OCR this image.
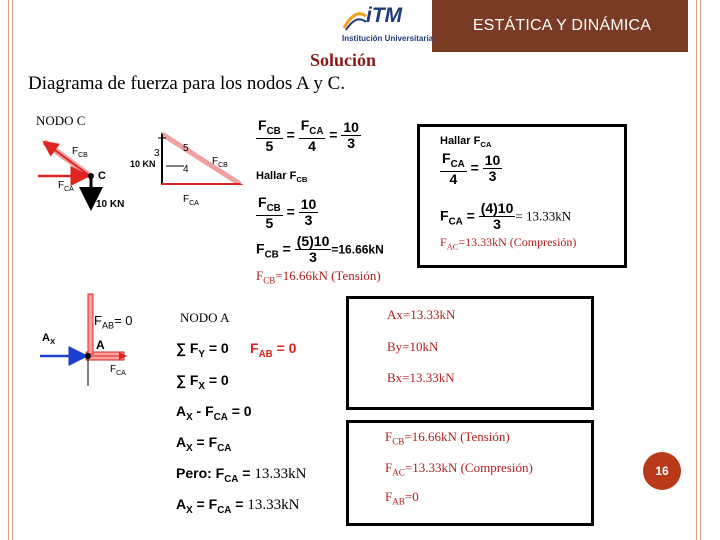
ESTÁTICA Y DINÁMICA
iTM
Institución Universitaria
Solución
Diagrama de fuerza para los nodos A y C.
NODO C
$F_{CB}$
$F_{CA}$
C
10 KN
10 KN
3 5
4
$F_{CB}$
$F_{CA}$
$\frac{F_{CB}}{5} = \frac{F_{CA}}{4} = \frac{10}{3}$
Hallar $F_{CB}$
$\frac{F_{CB}}{5} = \frac{10}{3}$
$F_{CB} = \frac{(5)10}{3} =16.66kN$
$F_{CB}=16.66kN$ (Tensión)
Hallar $F_{CA}$
$\frac{F_{CA}}{4} = \frac{10}{3}$
$F_{CA} = \frac{(4)10}{3} = 13.33kN$
$F_{AC}=13.33kN$ (Compresión)
$A_X$
$F_{AB}= 0$
A
$F_{CA}$
NODO A
∑ $F_Y = 0$ $F_{AB} = 0$
∑ $F_X = 0$
$A_X - F_{CA} = 0$
$A_X = F_{CA}$
Pero: $F_{CA} = 13.33kN$
$A_X = F_{CA} = 13.33kN$
Ax=13.33kN
By=10kN
Bx=13.33kN
$F_{CB}=16.66kN$ (Tensión)
$F_{AC}=13.33kN$ (Compresión)
$F_{AB}=0$
16
